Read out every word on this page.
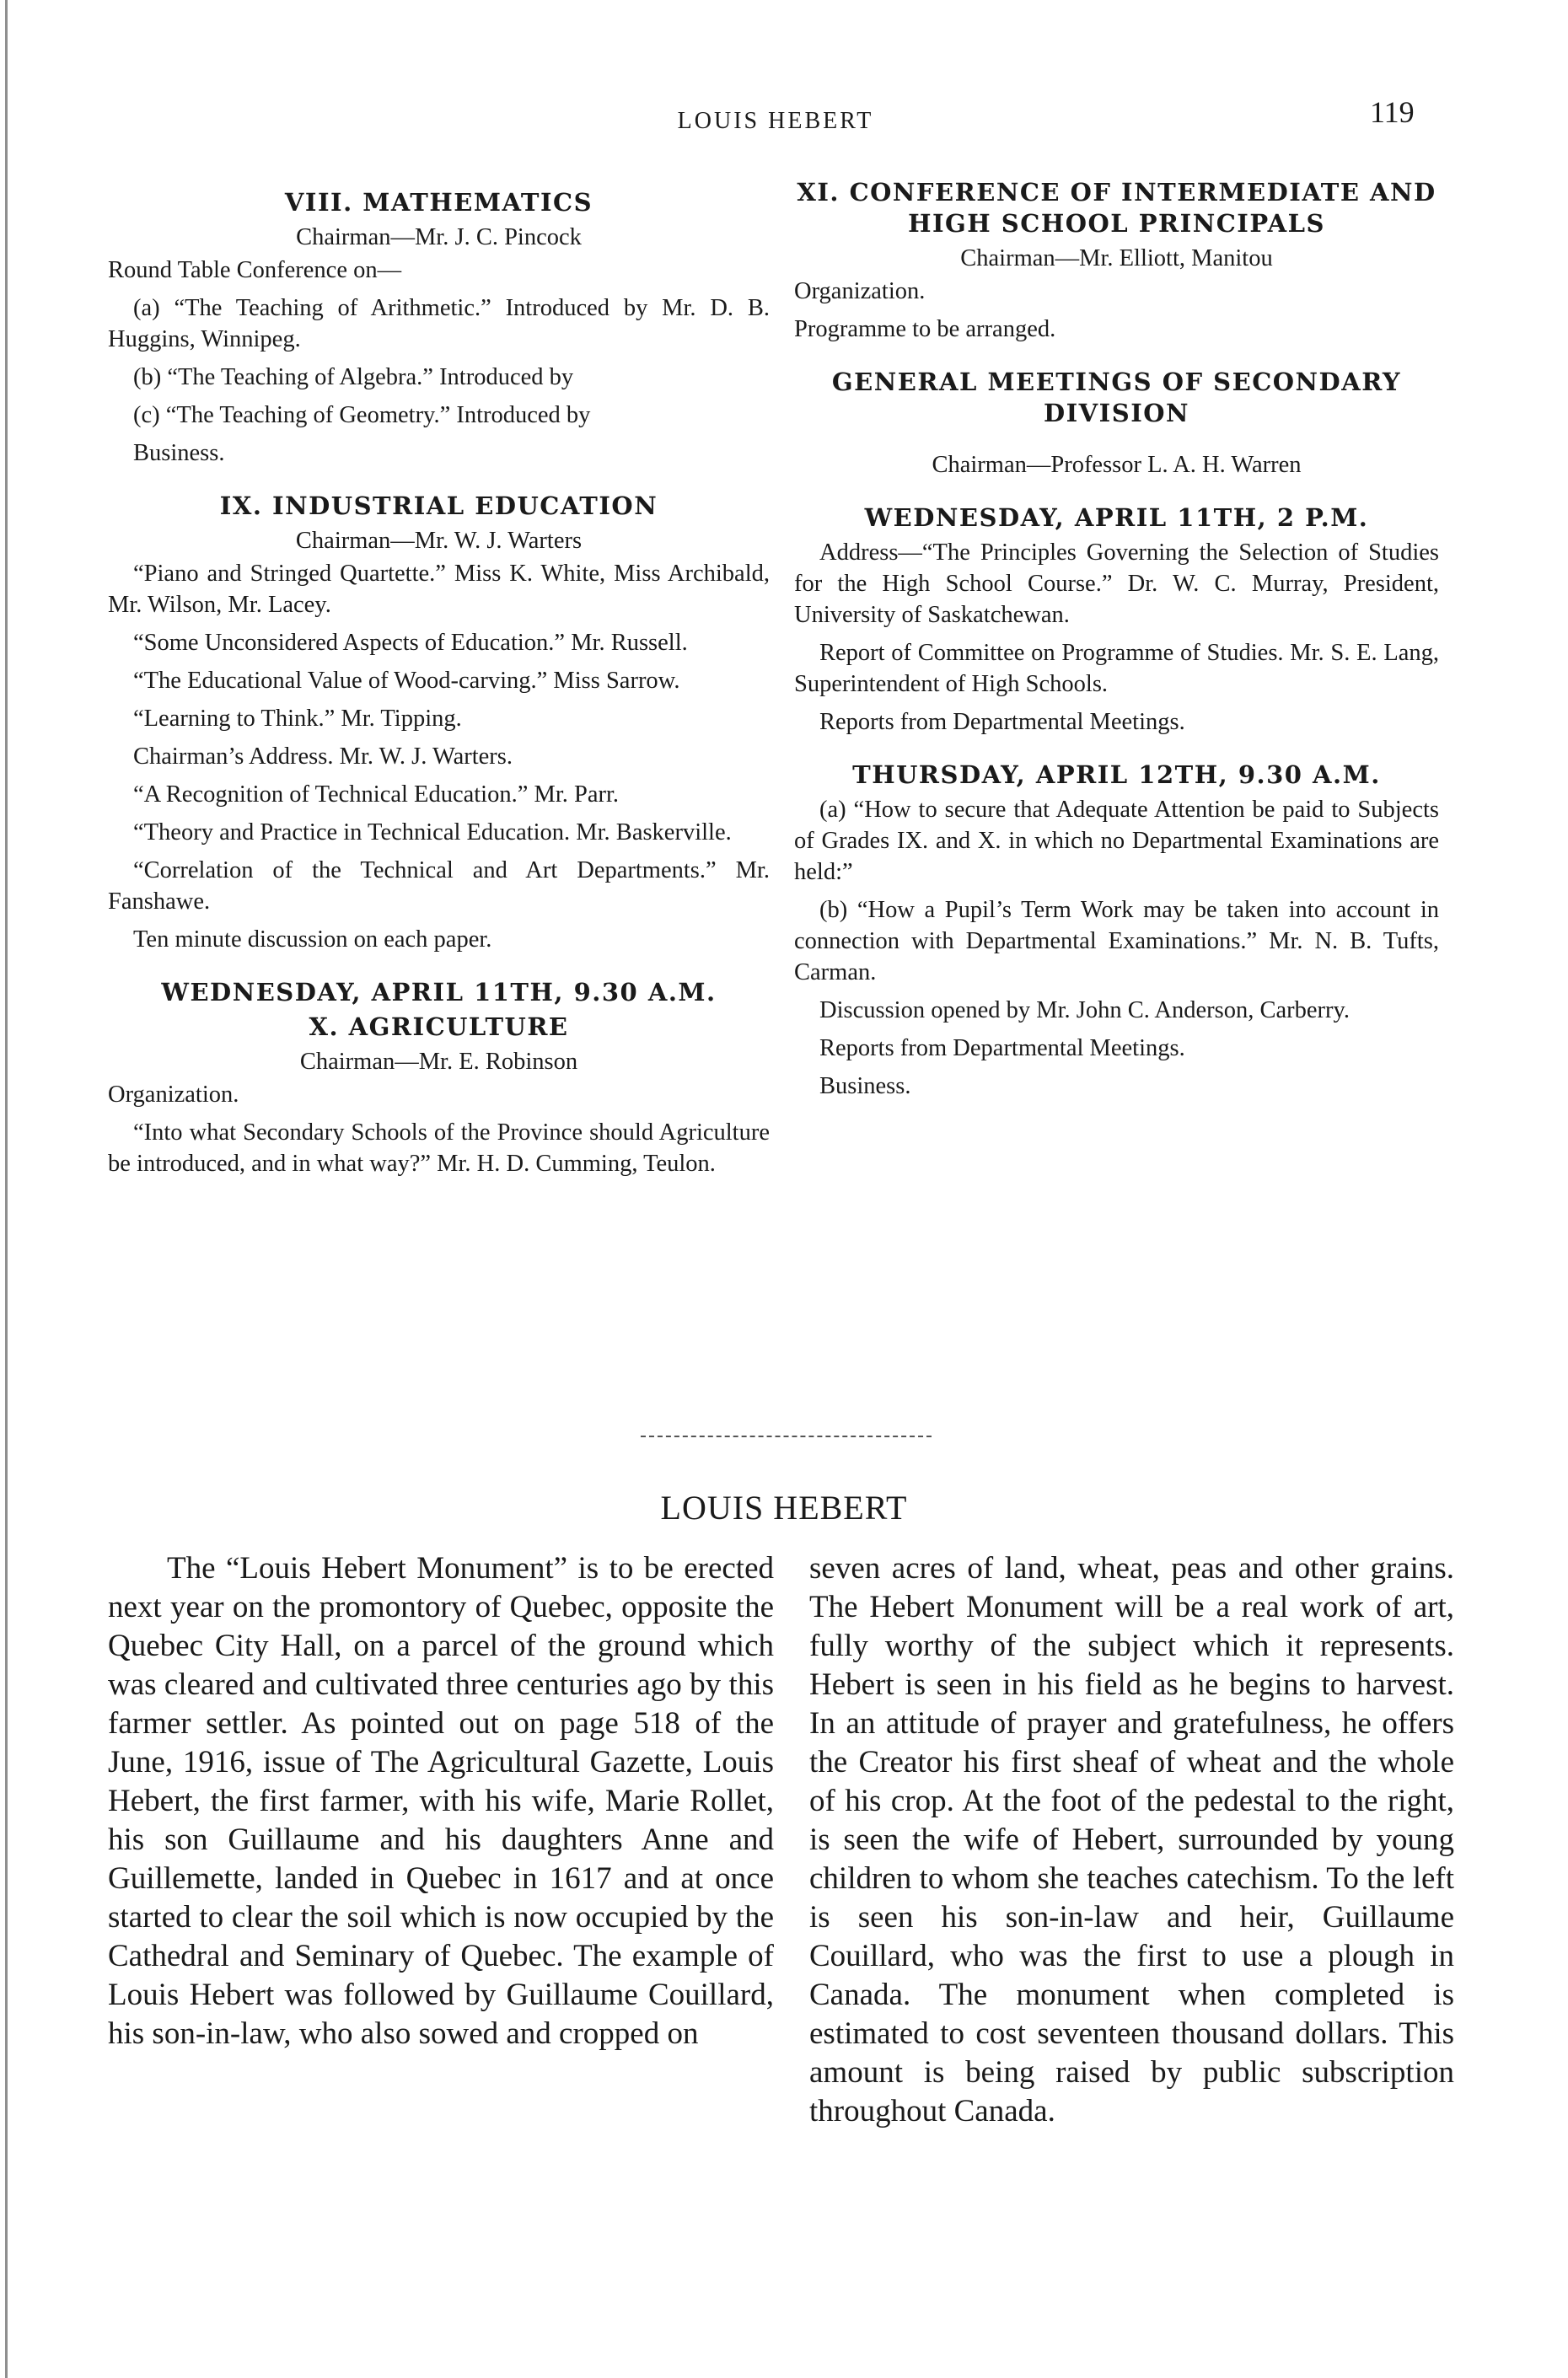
LOUIS HEBERT	119
VIII. MATHEMATICS
Chairman—Mr. J. C. Pincock

Round Table Conference on—

(a) “The Teaching of Arithmetic.” Introduced by Mr. D. B. Huggins, Winnipeg.

(b) “The Teaching of Algebra.” Introduced by

(c) “The Teaching of Geometry.” Introduced by

Business.

IX. INDUSTRIAL EDUCATION
Chairman—Mr. W. J. Warters

“Piano and Stringed Quartette.” Miss K. White, Miss Archibald, Mr. Wilson, Mr. Lacey.

“Some Unconsidered Aspects of Education.” Mr. Russell.

“The Educational Value of Wood-carving.” Miss Sarrow.

“Learning to Think.” Mr. Tipping.

Chairman’s Address. Mr. W. J. Warters.

“A Recognition of Technical Education.” Mr. Parr.

“Theory and Practice in Technical Education. Mr. Baskerville.

“Correlation of the Technical and Art Departments.” Mr. Fanshawe.

Ten minute discussion on each paper.

WEDNESDAY, APRIL 11TH, 9.30 A.M.
X. AGRICULTURE
Chairman—Mr. E. Robinson

Organization.

“Into what Secondary Schools of the Province should Agriculture be introduced, and in what way?” Mr. H. D. Cumming, Teulon.

XI. CONFERENCE OF INTERMEDIATE AND HIGH SCHOOL PRINCIPALS
Chairman—Mr. Elliott, Manitou

Organization.

Programme to be arranged.

GENERAL MEETINGS OF SECONDARY DIVISION
Chairman—Professor L. A. H. Warren
WEDNESDAY, APRIL 11TH, 2 P.M.

Address—“The Principles Governing the Selection of Studies for the High School Course.” Dr. W. C. Murray, President, University of Saskatchewan.

Report of Committee on Programme of Studies. Mr. S. E. Lang, Superintendent of High Schools.

Reports from Departmental Meetings.

THURSDAY, APRIL 12TH, 9.30 A.M.

(a) “How to secure that Adequate Attention be paid to Subjects of Grades IX. and X. in which no Departmental Examinations are held:”

(b) “How a Pupil’s Term Work may be taken into account in connection with Departmental Examinations.” Mr. N. B. Tufts, Carman.

Discussion opened by Mr. John C. Anderson, Carberry.

Reports from Departmental Meetings.

Business.

LOUIS HEBERT
The “Louis Hebert Monument” is to be erected next year on the promontory of Quebec, opposite the Quebec City Hall, on a parcel of the ground which was cleared and cultivated three centuries ago by this farmer settler. As pointed out on page 518 of the June, 1916, issue of The Agricultural Gazette, Louis Hebert, the first farmer, with his wife, Marie Rollet, his son Guillaume and his daughters Anne and Guillemette, landed in Quebec in 1617 and at once started to clear the soil which is now occupied by the Cathedral and Seminary of Quebec. The example of Louis Hebert was followed by Guillaume Couillard, his son-in-law, who also sowed and cropped on
seven acres of land, wheat, peas and other grains. The Hebert Monument will be a real work of art, fully worthy of the subject which it represents. Hebert is seen in his field as he begins to harvest. In an attitude of prayer and gratefulness, he offers the Creator his first sheaf of wheat and the whole of his crop. At the foot of the pedestal to the right, is seen the wife of Hebert, surrounded by young children to whom she teaches catechism. To the left is seen his son-in-law and heir, Guillaume Couillard, who was the first to use a plough in Canada. The monument when completed is estimated to cost seventeen thousand dollars. This amount is being raised by public subscription throughout Canada.
